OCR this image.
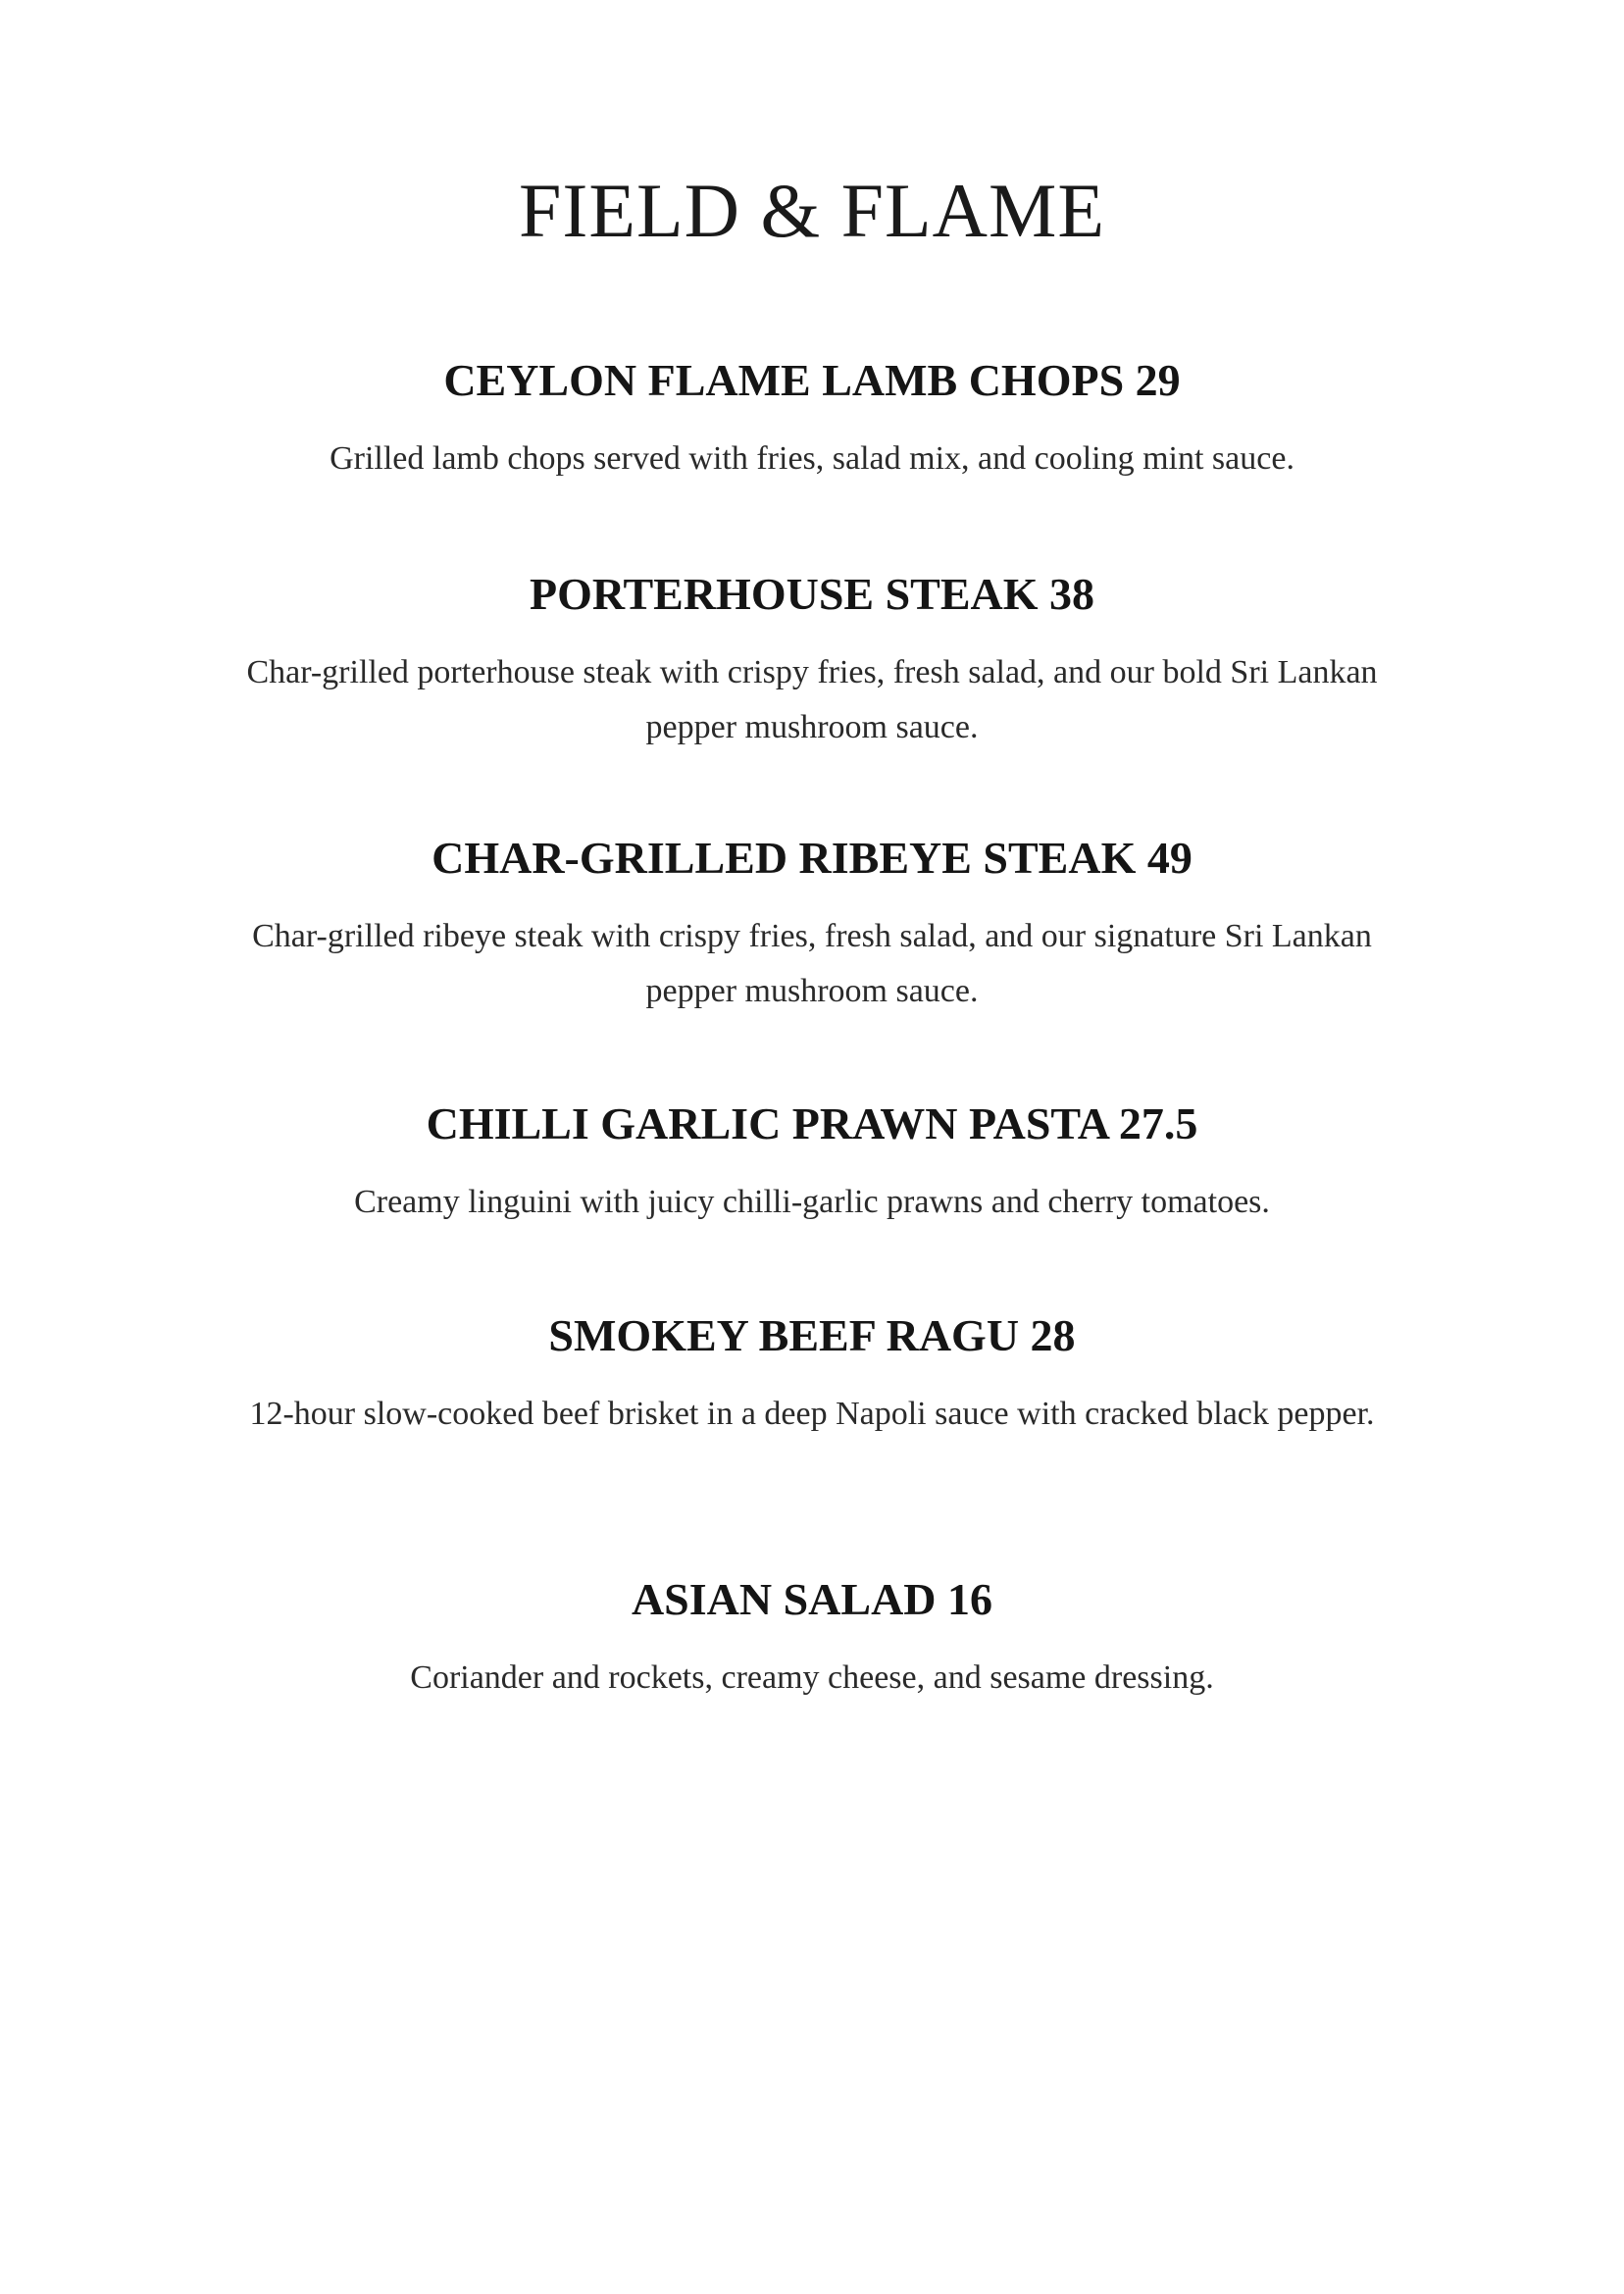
FIELD & FLAME
CEYLON FLAME LAMB CHOPS 29

Grilled lamb chops served with fries, salad mix, and cooling mint sauce.

PORTERHOUSE STEAK 38

Char-grilled porterhouse steak with crispy fries, fresh salad, and our bold Sri Lankan pepper mushroom sauce.

CHAR-GRILLED RIBEYE STEAK 49

Char-grilled ribeye steak with crispy fries, fresh salad, and our signature Sri Lankan pepper mushroom sauce.

CHILLI GARLIC PRAWN PASTA 27.5

Creamy linguini with juicy chilli-garlic prawns and cherry tomatoes.

SMOKEY BEEF RAGU 28

12-hour slow-cooked beef brisket in a deep Napoli sauce with cracked black pepper.

ASIAN SALAD 16

Coriander and rockets, creamy cheese, and sesame dressing.
